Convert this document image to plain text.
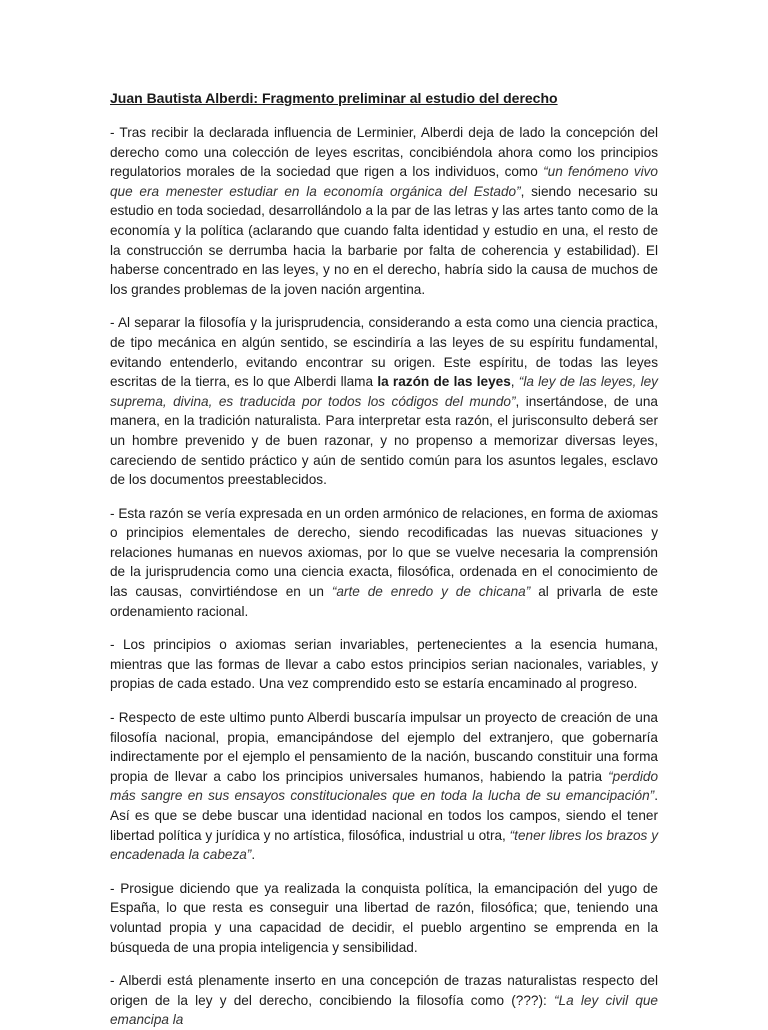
Juan Bautista Alberdi: Fragmento preliminar al estudio del derecho

- Tras recibir la declarada influencia de Lerminier, Alberdi deja de lado la concepción del derecho como una colección de leyes escritas, concibiéndola ahora como los principios regulatorios morales de la sociedad que rigen a los individuos, como “un fenómeno vivo que era menester estudiar en la economía orgánica del Estado”, siendo necesario su estudio en toda sociedad, desarrollándolo a la par de las letras y las artes tanto como de la economía y la política (aclarando que cuando falta identidad y estudio en una, el resto de la construcción se derrumba hacia la barbarie por falta de coherencia y estabilidad). El haberse concentrado en las leyes, y no en el derecho, habría sido la causa de muchos de los grandes problemas de la joven nación argentina.

- Al separar la filosofía y la jurisprudencia, considerando a esta como una ciencia practica, de tipo mecánica en algún sentido, se escindiría a las leyes de su espíritu fundamental, evitando entenderlo, evitando encontrar su origen. Este espíritu, de todas las leyes escritas de la tierra, es lo que Alberdi llama la razón de las leyes, “la ley de las leyes, ley suprema, divina, es traducida por todos los códigos del mundo”, insertándose, de una manera, en la tradición naturalista. Para interpretar esta razón, el jurisconsulto deberá ser un hombre prevenido y de buen razonar, y no propenso a memorizar diversas leyes, careciendo de sentido práctico y aún de sentido común para los asuntos legales, esclavo de los documentos preestablecidos.

- Esta razón se vería expresada en un orden armónico de relaciones, en forma de axiomas o principios elementales de derecho, siendo recodificadas las nuevas situaciones y relaciones humanas en nuevos axiomas, por lo que se vuelve necesaria la comprensión de la jurisprudencia como una ciencia exacta, filosófica, ordenada en el conocimiento de las causas, convirtiéndose en un “arte de enredo y de chicana” al privarla de este ordenamiento racional.

- Los principios o axiomas serian invariables, pertenecientes a la esencia humana, mientras que las formas de llevar a cabo estos principios serian nacionales, variables, y propias de cada estado. Una vez comprendido esto se estaría encaminado al progreso.

- Respecto de este ultimo punto Alberdi buscaría impulsar un proyecto de creación de una filosofía nacional, propia, emancipándose del ejemplo del extranjero, que gobernaría indirectamente por el ejemplo el pensamiento de la nación, buscando constituir una forma propia de llevar a cabo los principios universales humanos, habiendo la patria “perdido más sangre en sus ensayos constitucionales que en toda la lucha de su emancipación”. Así es que se debe buscar una identidad nacional en todos los campos, siendo el tener libertad política y jurídica y no artística, filosófica, industrial u otra, “tener libres los brazos y encadenada la cabeza”.

- Prosigue diciendo que ya realizada la conquista política, la emancipación del yugo de España, lo que resta es conseguir una libertad de razón, filosófica; que, teniendo una voluntad propia y una capacidad de decidir, el pueblo argentino se emprenda en la búsqueda de una propia inteligencia y sensibilidad.

- Alberdi está plenamente inserto en una concepción de trazas naturalistas respecto del origen de la ley y del derecho, concibiendo la filosofía como (???): “La ley civil que emancipa la
